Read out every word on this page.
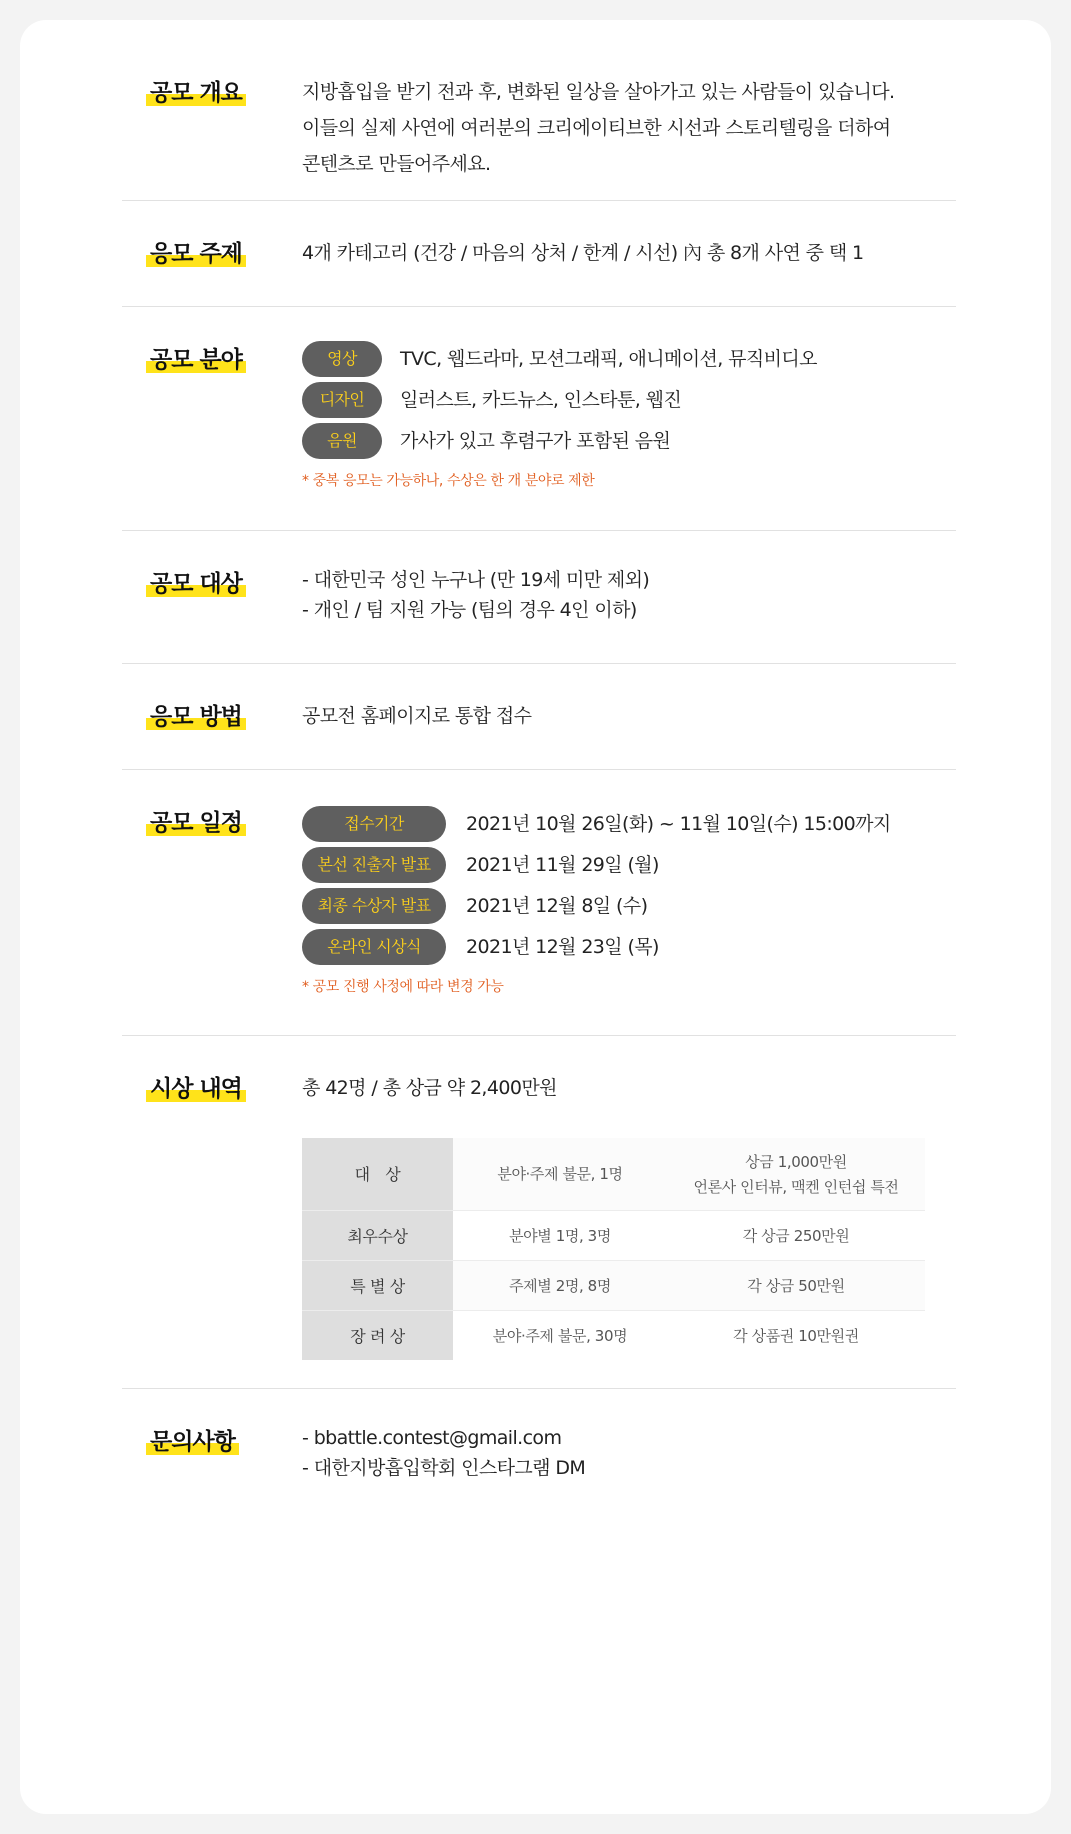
공모 개요	지방흡입을 받기 전과 후, 변화된 일상을 살아가고 있는 사람들이 있습니다.
이들의 실제 사연에 여러분의 크리에이티브한 시선과 스토리텔링을 더하여
콘텐츠로 만들어주세요.
응모 주제	4개 카테고리 (건강 / 마음의 상처 / 한계 / 시선) 內 총 8개 사연 중 택 1
공모 분야	영상	TVC, 웹드라마, 모션그래픽, 애니메이션, 뮤직비디오
디자인	일러스트, 카드뉴스, 인스타툰, 웹진
음원	가사가 있고 후렴구가 포함된 음원
* 중복 응모는 가능하나, 수상은 한 개 분야로 제한
공모 대상	- 대한민국 성인 누구나 (만 19세 미만 제외)
- 개인 / 팀 지원 가능 (팀의 경우 4인 이하)
응모 방법	공모전 홈페이지로 통합 접수
공모 일정	접수기간	2021년 10월 26일(화) ~ 11월 10일(수) 15:00까지
본선 진출자 발표	2021년 11월 29일 (월)
최종 수상자 발표	2021년 12월 8일 (수)
온라인 시상식	2021년 12월 23일 (목)
* 공모 진행 사정에 따라 변경 가능
시상 내역	총 42명 / 총 상금 약 2,400만원
대　상	분야·주제 불문, 1명	상금 1,000만원
언론사 인터뷰, 맥켄 인턴쉽 특전

최우수상	분야별 1명, 3명	각 상금 250만원
특 별 상	주제별 2명, 8명	각 상금 50만원
장 려 상	분야·주제 불문, 30명	각 상품권 10만원권
문의사항	- bbattle.contest@gmail.com
- 대한지방흡입학회 인스타그램 DM
